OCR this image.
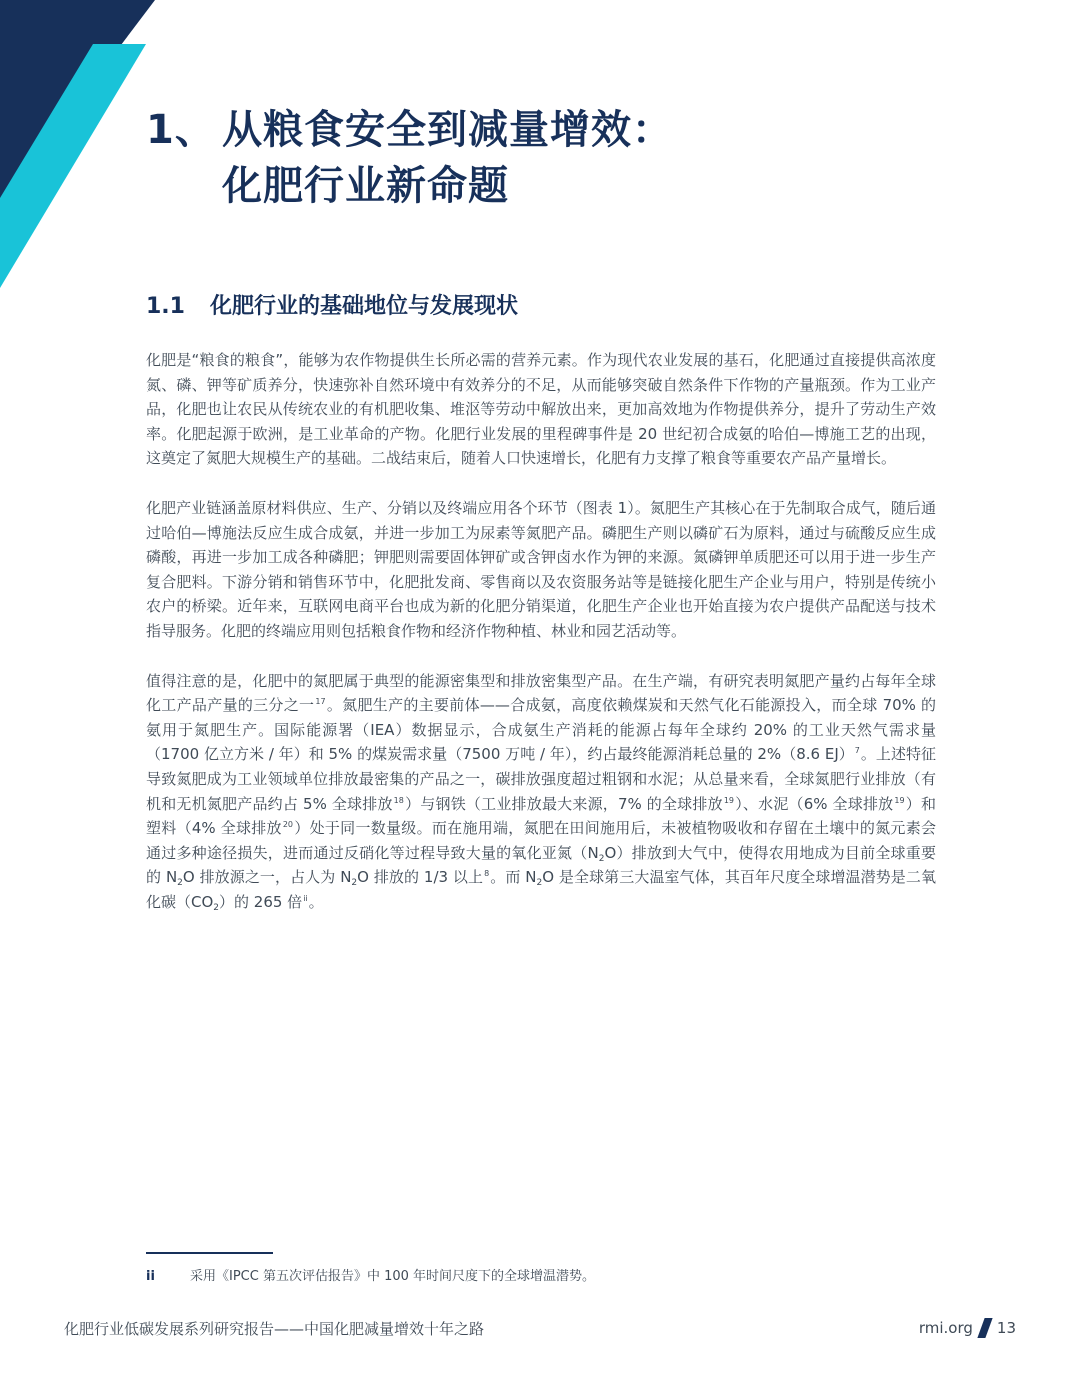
1、 从粮食安全到减量增效：
化肥行业新命题
1.1 化肥行业的基础地位与发展现状

化肥是“粮食的粮食”，能够为农作物提供生长所必需的营养元素。作为现代农业发展的基石，化肥通过直接提供高浓度氮、磷、钾等矿质养分，快速弥补自然环境中有效养分的不足，从而能够突破自然条件下作物的产量瓶颈。作为工业产品，化肥也让农民从传统农业的有机肥收集、堆沤等劳动中解放出来，更加高效地为作物提供养分，提升了劳动生产效率。化肥起源于欧洲，是工业革命的产物。化肥行业发展的里程碑事件是 20 世纪初合成氨的哈伯—博施工艺的出现，这奠定了氮肥大规模生产的基础。二战结束后，随着人口快速增长，化肥有力支撑了粮食等重要农产品产量增长。

化肥产业链涵盖原材料供应、生产、分销以及终端应用各个环节（图表 1）。氮肥生产其核心在于先制取合成气，随后通过哈伯—博施法反应生成合成氨，并进一步加工为尿素等氮肥产品。磷肥生产则以磷矿石为原料，通过与硫酸反应生成磷酸，再进一步加工成各种磷肥；钾肥则需要固体钾矿或含钾卤水作为钾的来源。氮磷钾单质肥还可以用于进一步生产复合肥料。下游分销和销售环节中，化肥批发商、零售商以及农资服务站等是链接化肥生产企业与用户，特别是传统小农户的桥梁。近年来，互联网电商平台也成为新的化肥分销渠道，化肥生产企业也开始直接为农户提供产品配送与技术指导服务。化肥的终端应用则包括粮食作物和经济作物种植、林业和园艺活动等。

值得注意的是，化肥中的氮肥属于典型的能源密集型和排放密集型产品。在生产端，有研究表明氮肥产量约占每年全球化工产品产量的三分之一$^{17}$。氮肥生产的主要前体——合成氨，高度依赖煤炭和天然气化石能源投入，而全球 70% 的氨用于氮肥生产。国际能源署（IEA）数据显示，合成氨生产消耗的能源占每年全球约 20% 的工业天然气需求量（1700 亿立方米 / 年）和 5% 的煤炭需求量（7500 万吨 / 年），约占最终能源消耗总量的 2%（8.6 EJ）$^7$。上述特征导致氮肥成为工业领域单位排放最密集的产品之一，碳排放强度超过粗钢和水泥；从总量来看，全球氮肥行业排放（有机和无机氮肥产品约占 5% 全球排放$^{18}$）与钢铁（工业排放最大来源，7% 的全球排放$^{19}$）、水泥（6% 全球排放$^{19}$）和塑料（4% 全球排放$^{20}$）处于同一数量级。而在施用端，氮肥在田间施用后，未被植物吸收和存留在土壤中的氮元素会通过多种途径损失，进而通过反硝化等过程导致大量的氧化亚氮$(N_2O)$排放到大气中，使得农用地成为目前全球重要的 $N_2O$ 排放源之一，占人为 $N_2O$ 排放的 1/3 以上$^8$。而 $N_2O$ 是全球第三大温室气体，其百年尺度全球增温潜势是二氧化碳$(CO_2)$的 265 倍$^{ii}$。

ii	采用《IPCC 第五次评估报告》中 100 年时间尺度下的全球增温潜势。
化肥行业低碳发展系列研究报告——中国化肥减量增效十年之路	rmi.org 13
